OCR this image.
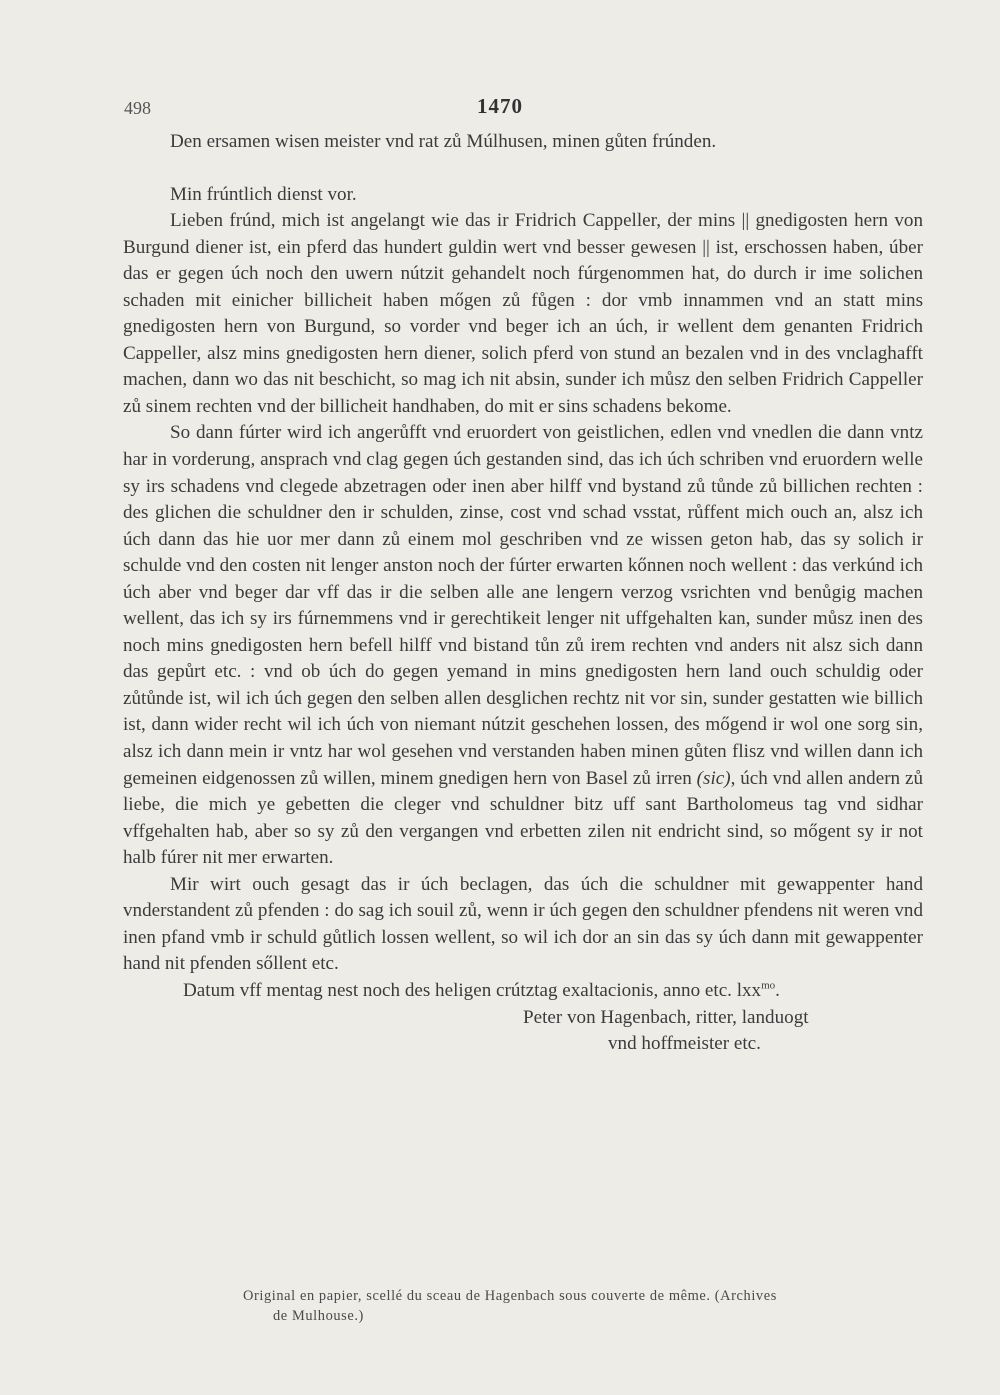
498	1470

Den ersamen wisen meister vnd rat zů Múlhusen, minen gůten frúnden.

Min frúntlich dienst vor.

Lieben frúnd, mich ist angelangt wie das ir Fridrich Cappeller, der mins || gnedigosten hern von Burgund diener ist, ein pferd das hundert guldin wert vnd besser gewesen || ist, erschossen haben, úber das er gegen úch noch den uwern nútzit gehandelt noch fúrgenommen hat, do durch ir ime solichen schaden mit einicher billicheit haben mőgen zů fůgen : dor vmb innammen vnd an statt mins gnedigosten hern von Burgund, so vorder vnd beger ich an úch, ir wellent dem genanten Fridrich Cappeller, alsz mins gnedigosten hern diener, solich pferd von stund an bezalen vnd in des vnclaghafft machen, dann wo das nit beschicht, so mag ich nit absin, sunder ich můsz den selben Fridrich Cappeller zů sinem rechten vnd der billicheit handhaben, do mit er sins schadens bekome.

So dann fúrter wird ich angerůfft vnd eruordert von geistlichen, edlen vnd vnedlen die dann vntz har in vorderung, ansprach vnd clag gegen úch gestanden sind, das ich úch schriben vnd eruordern welle sy irs schadens vnd clegede abzetragen oder inen aber hilff vnd bystand zů tůnde zů billichen rechten : des glichen die schuldner den ir schulden, zinse, cost vnd schad vsstat, růffent mich ouch an, alsz ich úch dann das hie uor mer dann zů einem mol geschriben vnd ze wissen geton hab, das sy solich ir schulde vnd den costen nit lenger anston noch der fúrter erwarten kőnnen noch wellent : das verkúnd ich úch aber vnd beger dar vff das ir die selben alle ane lengern verzog vsrichten vnd benůgig machen wellent, das ich sy irs fúrnemmens vnd ir gerechtikeit lenger nit uffgehalten kan, sunder můsz inen des noch mins gnedigosten hern befell hilff vnd bistand tůn zů irem rechten vnd anders nit alsz sich dann das gepůrt etc. : vnd ob úch do gegen yemand in mins gnedigosten hern land ouch schuldig oder zůtůnde ist, wil ich úch gegen den selben allen desglichen rechtz nit vor sin, sunder gestatten wie billich ist, dann wider recht wil ich úch von niemant nútzit geschehen lossen, des mőgend ir wol one sorg sin, alsz ich dann mein ir vntz har wol gesehen vnd verstanden haben minen gůten flisz vnd willen dann ich gemeinen eidgenossen zů willen, minem gnedigen hern von Basel zů irren (sic), úch vnd allen andern zů liebe, die mich ye gebetten die cleger vnd schuldner bitz uff sant Bartholomeus tag vnd sidhar vffgehalten hab, aber so sy zů den vergangen vnd erbetten zilen nit endricht sind, so mőgent sy ir not halb fúrer nit mer erwarten.

Mir wirt ouch gesagt das ir úch beclagen, das úch die schuldner mit gewappenter hand vnderstandent zů pfenden : do sag ich souil zů, wenn ir úch gegen den schuldner pfendens nit weren vnd inen pfand vmb ir schuld gůtlich lossen wellent, so wil ich dor an sin das sy úch dann mit gewappenter hand nit pfenden sőllent etc.

Datum vff mentag nest noch des heligen crútztag exaltacionis, anno etc. lxx$^{mo}$.

Peter von Hagenbach, ritter, landuogt

vnd hoffmeister etc.

Original en papier, scellé du sceau de Hagenbach sous couverte de même. (Archives
de Mulhouse.)
